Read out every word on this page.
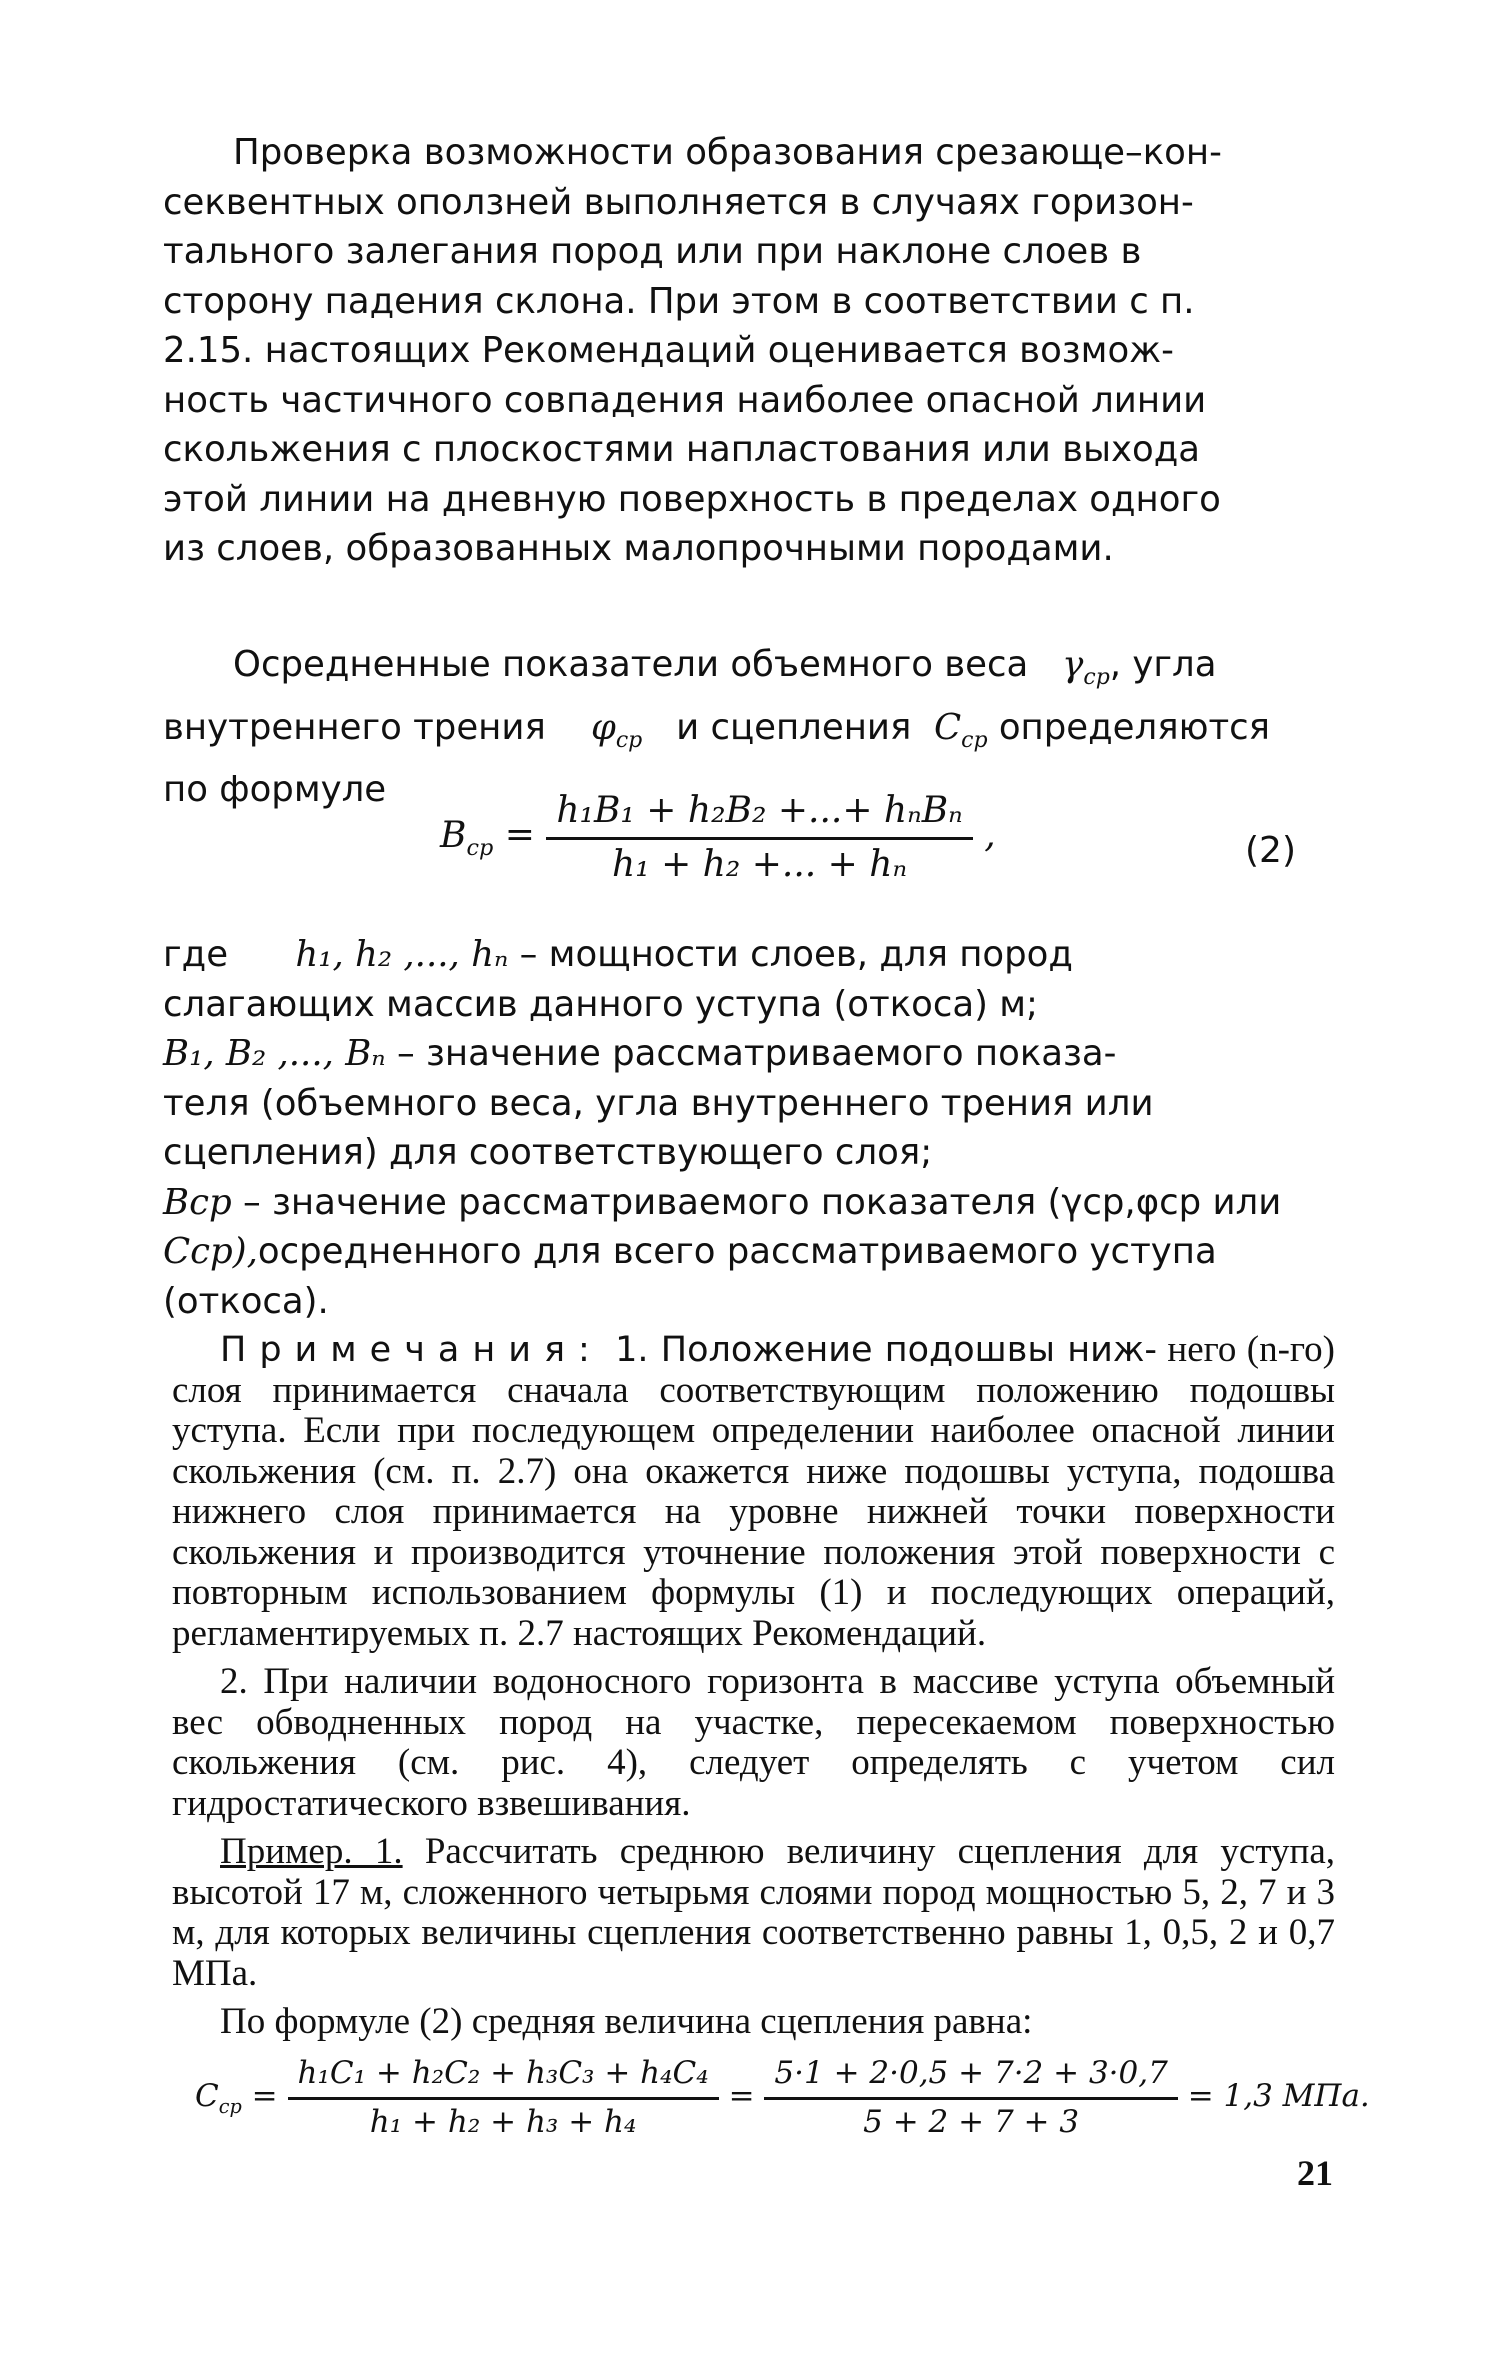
Проверка возможности образования срезающе–кон-
секвентных оползней выполняется в случаях горизон-
тального залегания пород или при наклоне слоев в
сторону падения склона. При этом в соответствии с п.
2.15. настоящих Рекомендаций оценивается возмож-
ность частичного совпадения наиболее опасной линии
скольжения с плоскостями напластования или выхода
этой линии на дневную поверхность в пределах одного
из слоев, образованных малопрочными породами.
Осредненные показатели объемного веса $\gamma_{ср}$, угла
внутреннего трения $\varphi_{ср}$ и сцепления $C_{ср}$ определяются
по формуле
$B_{ср} = \frac{\text{h₁B₁ + h₂B₂ +...+ hₙBₙ}}{\text{h₁ + h₂ +... + hₙ}}$ ,	(2)
где h₁, h₂ ,..., hₙ – мощности слоев, для пород
слагающих массив данного уступа (откоса) м;
B₁, B₂ ,..., Bₙ – значение рассматриваемого показа-
теля (объемного веса, угла внутреннего трения или
сцепления) для соответствующего слоя;
Bср – значение рассматриваемого показателя (γср,φср или
Cср),осредненного для всего рассматриваемого уступа
(откоса).

Примечания: 1. Положение подошвы ниж- него (n-го) слоя принимается сначала соответствующим положению подошвы уступа. Если при последующем определении наиболее опасной линии скольжения (см. п. 2.7) она окажется ниже подошвы уступа, подошва нижнего слоя принимается на уровне нижней точки поверхности скольжения и производится уточнение положения этой поверхности с повторным использованием формулы (1) и последующих операций, регламентируемых п. 2.7 настоящих Рекомендаций.

2. При наличии водоносного горизонта в массиве уступа объемный вес обводненных пород на участке, пересекаемом поверхностью скольжения (см. рис. 4), следует определять с учетом сил гидростатического взвешивания.

Пример. 1. Рассчитать среднюю величину сцепления для уступа, высотой 17 м, сложенного четырьмя слоями пород мощностью 5, 2, 7 и 3 м, для которых величины сцепления соответственно равны 1, 0,5, 2 и 0,7 МПа.

По формуле (2) средняя величина сцепления равна:

$C_{ср} = \frac{\text{h₁C₁ + h₂C₂ + h₃C₃ + h₄C₄}}{\text{h₁ + h₂ + h₃ + h₄}} = \frac{5\cdot 1 + 2\cdot 0,5 + 7\cdot 2 + 3\cdot 0,7}{5 + 2 + 7 + 3} = 1,3$ МПа.
21
